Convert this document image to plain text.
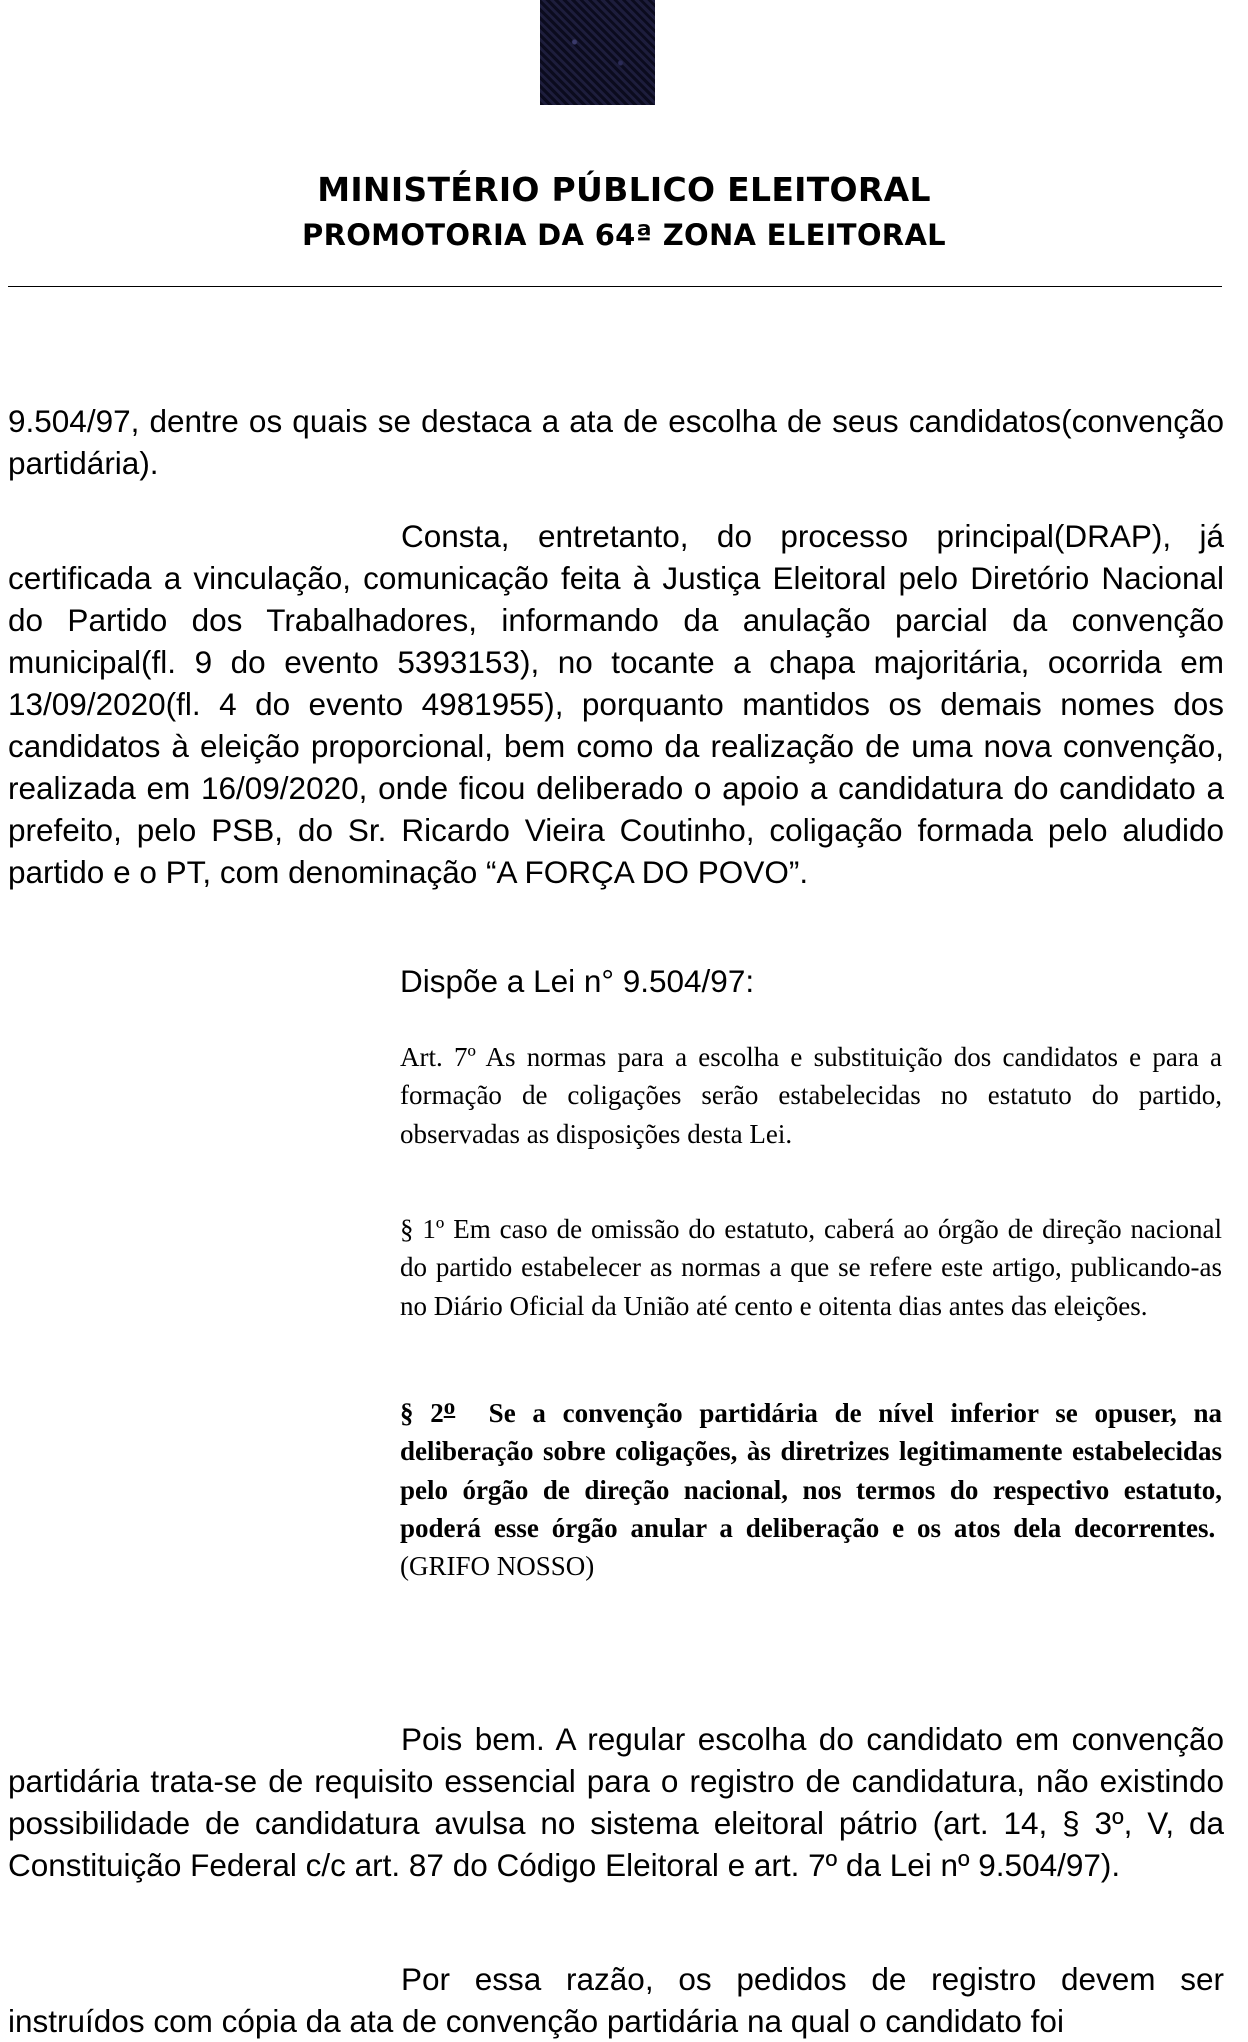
MINISTÉRIO PÚBLICO ELEITORAL
PROMOTORIA DA 64ª ZONA ELEITORAL
9.504/97, dentre os quais se destaca a ata de escolha de seus candidatos(convenção partidária).
Consta, entretanto, do processo principal(DRAP), já certificada a vinculação, comunicação feita à Justiça Eleitoral pelo Diretório Nacional do Partido dos Trabalhadores, informando da anulação parcial da convenção municipal(fl. 9 do evento 5393153), no tocante a chapa majoritária, ocorrida em 13/09/2020(fl. 4 do evento 4981955), porquanto mantidos os demais nomes dos candidatos à eleição proporcional, bem como da realização de uma nova convenção, realizada em 16/09/2020, onde ficou deliberado o apoio a candidatura do candidato a prefeito, pelo PSB, do Sr. Ricardo Vieira Coutinho, coligação formada pelo aludido partido e o PT, com denominação “A FORÇA DO POVO”.
Dispõe a Lei n° 9.504/97:
Art. 7º As normas para a escolha e substituição dos candidatos e para a formação de coligações serão estabelecidas no estatuto do partido, observadas as disposições desta Lei.
§ 1º Em caso de omissão do estatuto, caberá ao órgão de direção nacional do partido estabelecer as normas a que se refere este artigo, publicando-as no Diário Oficial da União até cento e oitenta dias antes das eleições.
§ 2$^o$ Se a convenção partidária de nível inferior se opuser, na deliberação sobre coligações, às diretrizes legitimamente estabelecidas pelo órgão de direção nacional, nos termos do respectivo estatuto, poderá esse órgão anular a deliberação e os atos dela decorrentes.  (GRIFO NOSSO)
Pois bem. A regular escolha do candidato em convenção partidária trata-se de requisito essencial para o registro de candidatura, não existindo possibilidade de candidatura avulsa no sistema eleitoral pátrio (art. 14, § 3º, V, da Constituição Federal c/c art. 87 do Código Eleitoral e art. 7º da Lei nº 9.504/97).
Por essa razão, os pedidos de registro devem ser instruídos com cópia da ata de convenção partidária na qual o candidato foi
